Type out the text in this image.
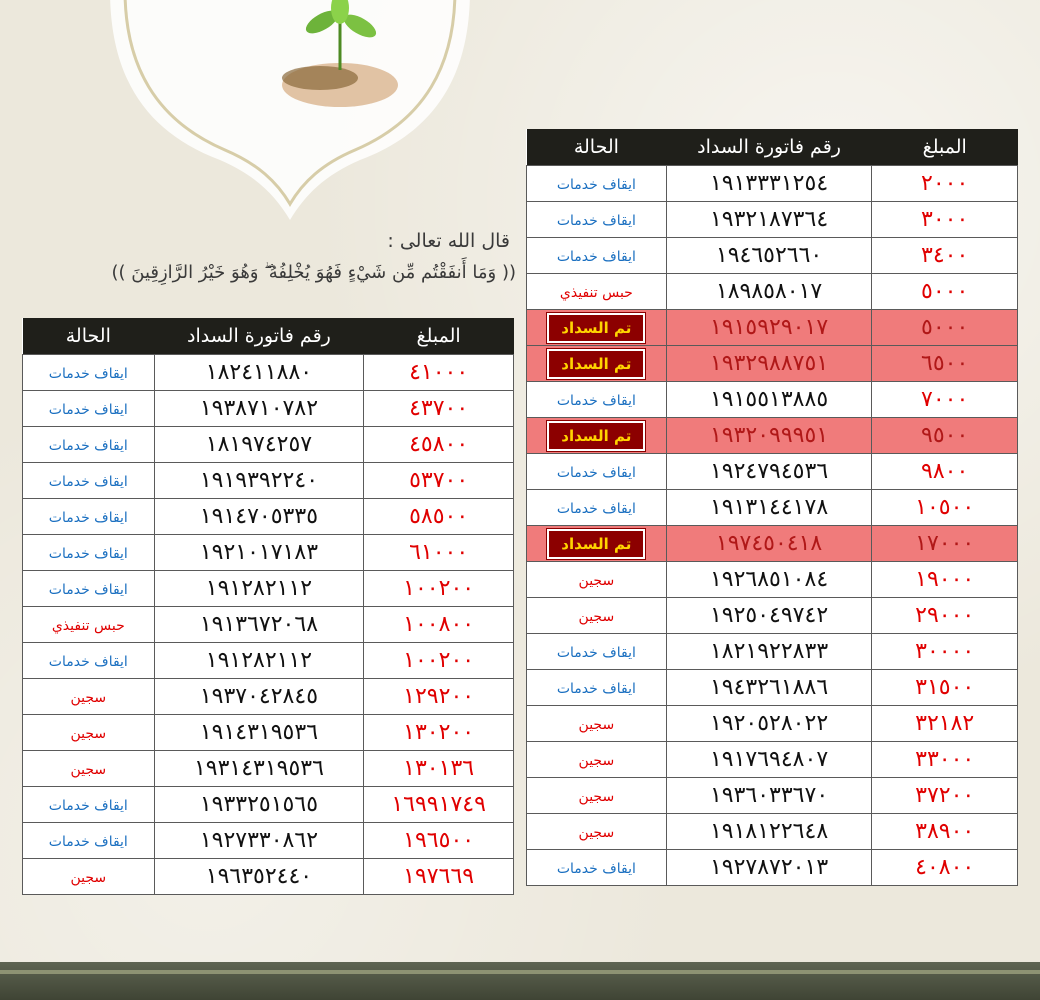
قال الله تعالى :
(( وَمَا أَنفَقْتُم مِّن شَيْءٍ فَهُوَ يُخْلِفُهُ ۖ وَهُوَ خَيْرُ الرَّازِقِينَ ))
المبلغ	رقم فاتورة السداد	الحالة
٢٠٠٠	١٩١٣٣٣١٢٥٤	ايقاف خدمات
٣٠٠٠	١٩٣٢١٨٧٣٦٤	ايقاف خدمات
٣٤٠٠	١٩٤٦٥٢٦٦٠	ايقاف خدمات
٥٠٠٠	١٨٩٨٥٨٠١٧	حبس تنفيذي
٥٠٠٠	١٩١٥٩٢٩٠١٧	تم السداد
٦٥٠٠	١٩٣٢٩٨٨٧٥١	تم السداد
٧٠٠٠	١٩١٥٥١٣٨٨٥	ايقاف خدمات
٩٥٠٠	١٩٣٢٠٩٩٩٥١	تم السداد
٩٨٠٠	١٩٢٤٧٩٤٥٣٦	ايقاف خدمات
١٠٥٠٠	١٩١٣١٤٤١٧٨	ايقاف خدمات
١٧٠٠٠	١٩٧٤٥٠٤١٨	تم السداد
١٩٠٠٠	١٩٢٦٨٥١٠٨٤	سجين
٢٩٠٠٠	١٩٢٥٠٤٩٧٤٢	سجين
٣٠٠٠٠	١٨٢١٩٢٢٨٣٣	ايقاف خدمات
٣١٥٠٠	١٩٤٣٢٦١٨٨٦	ايقاف خدمات
٣٢١٨٢	١٩٢٠٥٢٨٠٢٢	سجين
٣٣٠٠٠	١٩١٧٦٩٤٨٠٧	سجين
٣٧٢٠٠	١٩٣٦٠٣٣٦٧٠	سجين
٣٨٩٠٠	١٩١٨١٢٢٦٤٨	سجين
٤٠٨٠٠	١٩٢٧٨٧٢٠١٣	ايقاف خدمات
المبلغ	رقم فاتورة السداد	الحالة
٤١٠٠٠	١٨٢٤١١٨٨٠	ايقاف خدمات
٤٣٧٠٠	١٩٣٨٧١٠٧٨٢	ايقاف خدمات
٤٥٨٠٠	١٨١٩٧٤٢٥٧	ايقاف خدمات
٥٣٧٠٠	١٩١٩٣٩٢٢٤٠	ايقاف خدمات
٥٨٥٠٠	١٩١٤٧٠٥٣٣٥	ايقاف خدمات
٦١٠٠٠	١٩٢١٠١٧١٨٣	ايقاف خدمات
١٠٠٢٠٠	١٩١٢٨٢١١٢	ايقاف خدمات
١٠٠٨٠٠	١٩١٣٦٧٢٠٦٨	حبس تنفيذي
١٠٠٢٠٠	١٩١٢٨٢١١٢	ايقاف خدمات
١٢٩٢٠٠	١٩٣٧٠٤٢٨٤٥	سجين
١٣٠٢٠٠	١٩١٤٣١٩٥٣٦	سجين
١٣٠١٣٦	١٩٣١٤٣١٩٥٣٦	سجين
١٦٩٩١٧٤٩	١٩٣٣٢٥١٥٦٥	ايقاف خدمات
١٩٦٥٠٠	١٩٢٧٣٣٠٨٦٢	ايقاف خدمات
١٩٧٦٦٩	١٩٦٣٥٢٤٤٠	سجين
